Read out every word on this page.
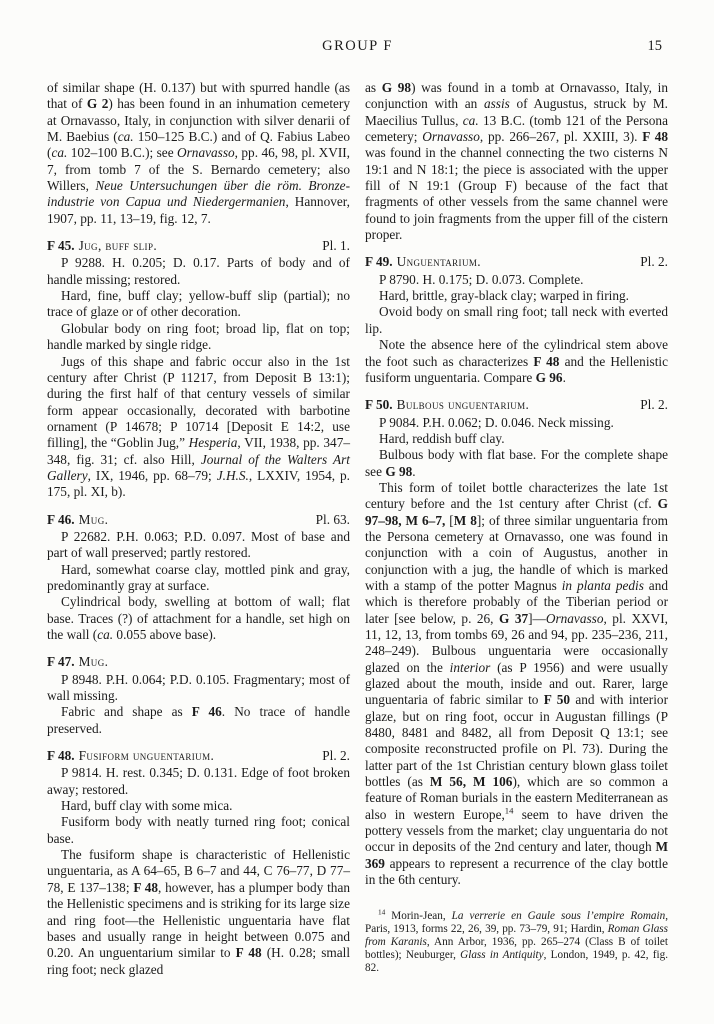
GROUP F	15

of similar shape (H. 0.137) but with spurred handle (as that of G 2) has been found in an inhumation cemetery at Ornavasso, Italy, in conjunction with silver denarii of M. Baebius (ca. 150–125 B.C.) and of Q. Fabius Labeo (ca. 102–100 B.C.); see Ornavasso, pp. 46, 98, pl. XVII, 7, from tomb 7 of the S. Bernardo cemetery; also Willers, Neue Untersuchungen über die röm. Bronze-industrie von Capua und Niedergermanien, Hannover, 1907, pp. 11, 13–19, fig. 12, 7.

Pl. 1.
F 45. Jug, buff slip.

P 9288. H. 0.205; D. 0.17. Parts of body and of handle missing; restored.

Hard, fine, buff clay; yellow-buff slip (partial); no trace of glaze or of other decoration.

Globular body on ring foot; broad lip, flat on top; handle marked by single ridge.

Jugs of this shape and fabric occur also in the 1st century after Christ (P 11217, from Deposit B 13:1); during the first half of that century vessels of similar form appear occasionally, decorated with barbotine ornament (P 14678; P 10714 [Deposit E 14:2, use filling], the “Goblin Jug,” Hesperia, VII, 1938, pp. 347–348, fig. 31; cf. also Hill, Journal of the Walters Art Gallery, IX, 1946, pp. 68–79; J.H.S., LXXIV, 1954, p. 175, pl. XI, b).

Pl. 63.
F 46. Mug.

P 22682. P.H. 0.063; P.D. 0.097. Most of base and part of wall preserved; partly restored.

Hard, somewhat coarse clay, mottled pink and gray, predominantly gray at surface.

Cylindrical body, swelling at bottom of wall; flat base. Traces (?) of attachment for a handle, set high on the wall (ca. 0.055 above base).

F 47. Mug.

P 8948. P.H. 0.064; P.D. 0.105. Fragmentary; most of wall missing.

Fabric and shape as F 46. No trace of handle preserved.

Pl. 2.
F 48. Fusiform unguentarium.

P 9814. H. rest. 0.345; D. 0.131. Edge of foot broken away; restored.

Hard, buff clay with some mica.

Fusiform body with neatly turned ring foot; conical base.

The fusiform shape is characteristic of Hellenistic unguentaria, as A 64–65, B 6–7 and 44, C 76–77, D 77–78, E 137–138; F 48, however, has a plumper body than the Hellenistic specimens and is striking for its large size and ring foot—the Hellenistic unguentaria have flat bases and usually range in height between 0.075 and 0.20. An unguentarium similar to F 48 (H. 0.28; small ring foot; neck glazed

as G 98) was found in a tomb at Ornavasso, Italy, in conjunction with an assis of Augustus, struck by M. Maecilius Tullus, ca. 13 B.C. (tomb 121 of the Persona cemetery; Ornavasso, pp. 266–267, pl. XXIII, 3). F 48 was found in the channel connecting the two cisterns N 19:1 and N 18:1; the piece is associated with the upper fill of N 19:1 (Group F) because of the fact that fragments of other vessels from the same channel were found to join fragments from the upper fill of the cistern proper.

Pl. 2.
F 49. Unguentarium.

P 8790. H. 0.175; D. 0.073. Complete.

Hard, brittle, gray-black clay; warped in firing.

Ovoid body on small ring foot; tall neck with everted lip.

Note the absence here of the cylindrical stem above the foot such as characterizes F 48 and the Hellenistic fusiform unguentaria. Compare G 96.

Pl. 2.
F 50. Bulbous unguentarium.

P 9084. P.H. 0.062; D. 0.046. Neck missing.

Hard, reddish buff clay.

Bulbous body with flat base. For the complete shape see G 98.

This form of toilet bottle characterizes the late 1st century before and the 1st century after Christ (cf. G 97–98, M 6–7, [M 8]; of three similar unguentaria from the Persona cemetery at Ornavasso, one was found in conjunction with a coin of Augustus, another in conjunction with a jug, the handle of which is marked with a stamp of the potter Magnus in planta pedis and which is therefore probably of the Tiberian period or later [see below, p. 26, G 37]—Ornavasso, pl. XXVI, 11, 12, 13, from tombs 69, 26 and 94, pp. 235–236, 211, 248–249). Bulbous unguentaria were occasionally glazed on the interior (as P 1956) and were usually glazed about the mouth, inside and out. Rarer, large unguentaria of fabric similar to F 50 and with interior glaze, but on ring foot, occur in Augustan fillings (P 8480, 8481 and 8482, all from Deposit Q 13:1; see composite reconstructed profile on Pl. 73). During the latter part of the 1st Christian century blown glass toilet bottles (as M 56, M 106), which are so common a feature of Roman burials in the eastern Mediterranean as also in western Europe,$^{14}$ seem to have driven the pottery vessels from the market; clay unguentaria do not occur in deposits of the 2nd century and later, though M 369 appears to represent a recurrence of the clay bottle in the 6th century.

$^{14}$ Morin-Jean, La verrerie en Gaule sous l’empire Romain, Paris, 1913, forms 22, 26, 39, pp. 73–79, 91; Hardin, Roman Glass from Karanis, Ann Arbor, 1936, pp. 265–274 (Class B of toilet bottles); Neuburger, Glass in Antiquity, London, 1949, p. 42, fig. 82.
